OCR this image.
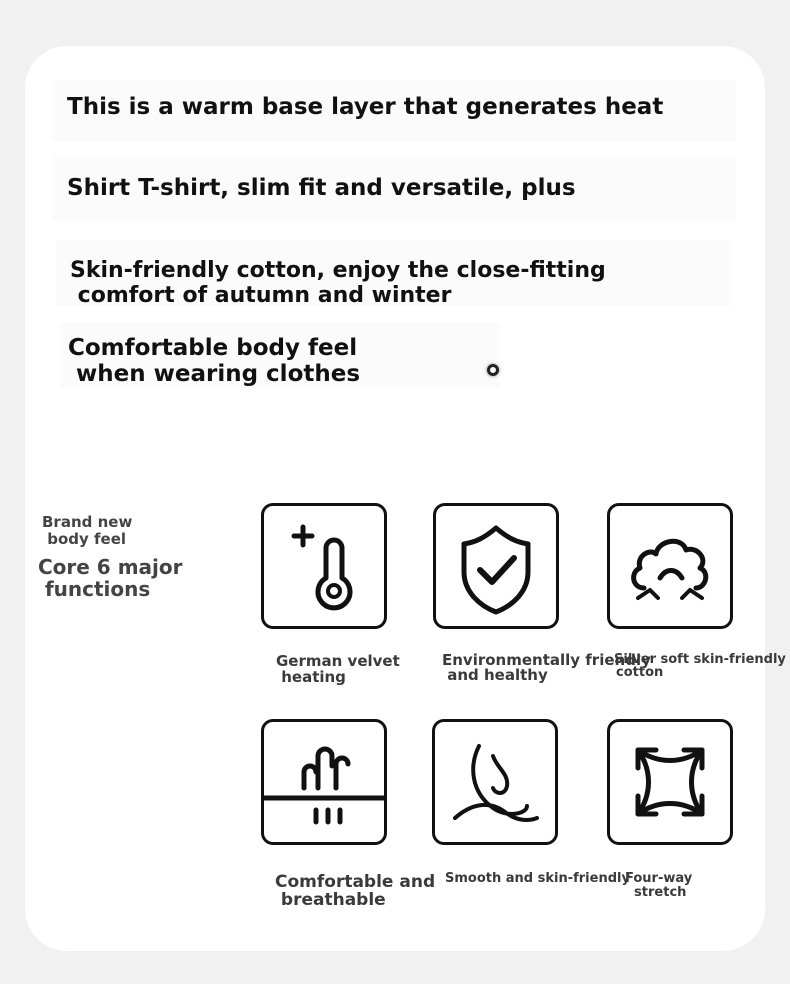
This is a warm base layer that generates heat
Shirt T-shirt, slim fit and versatile, plus
Skin-friendly cotton, enjoy the close-fitting
comfort of autumn and winter
Comfortable body feel
when wearing clothes
Brand new
body feel
Core 6 major
functions
German velvet
heating
Environmentally friendly
and healthy
Silver soft skin-friendly
cotton
Comfortable and
breathable
Smooth and skin-friendly
Four-way
stretch
